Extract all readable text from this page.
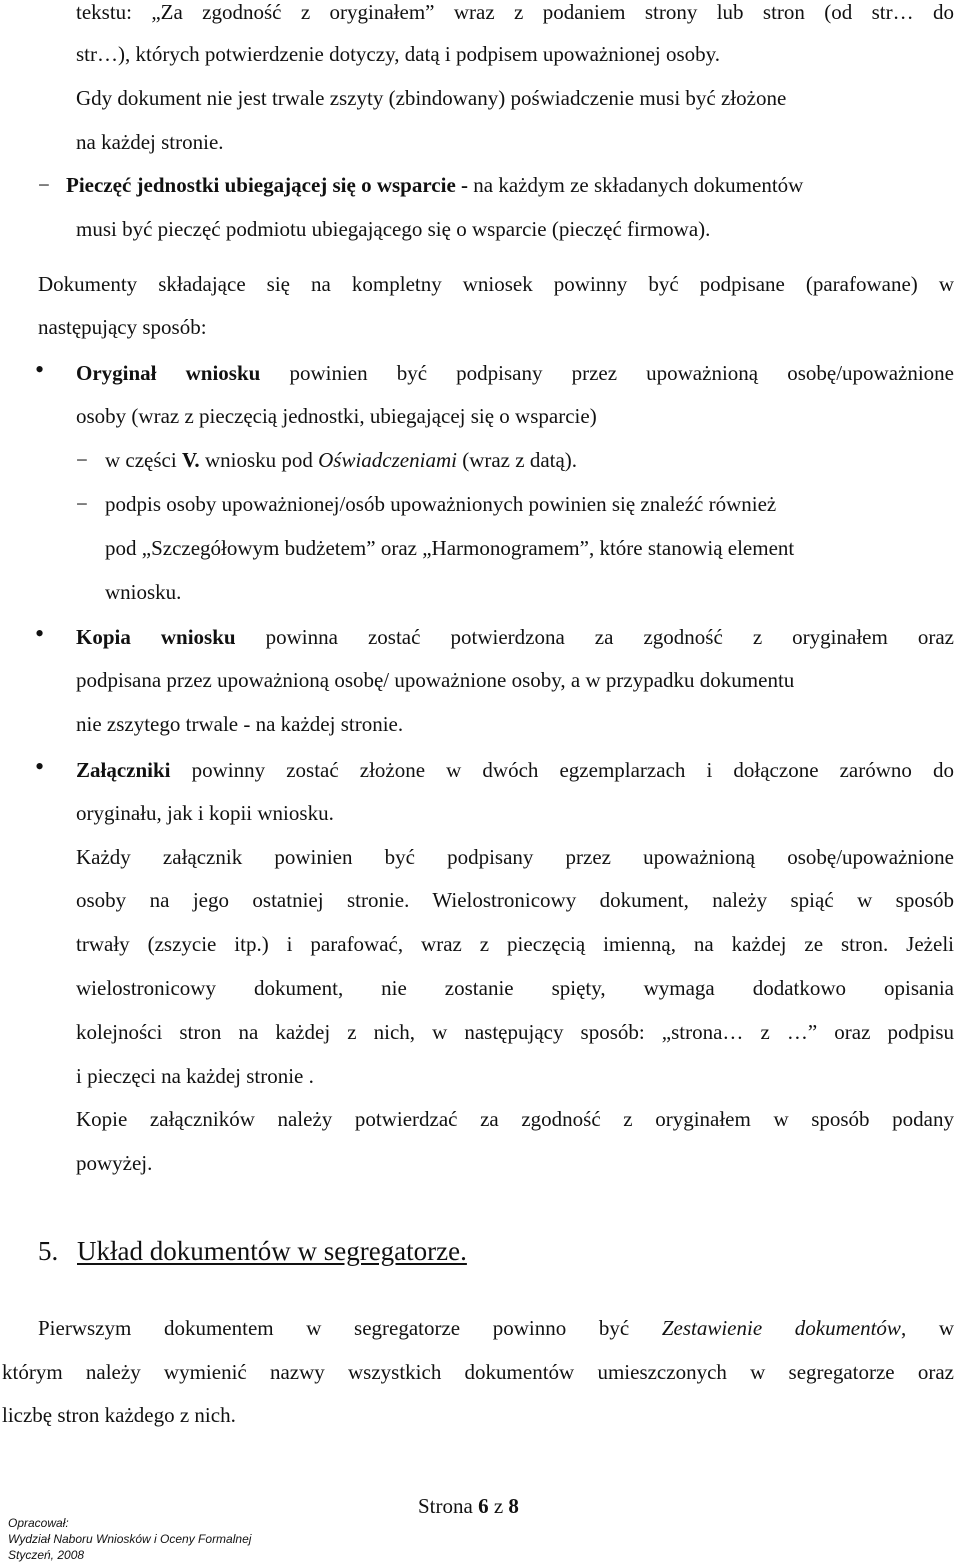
tekstu: „Za zgodność z oryginałem” wraz z podaniem strony lub stron (od str… do

str…), których potwierdzenie dotyczy, datą i podpisem upoważnionej osoby.

Gdy dokument nie jest trwale zszyty (zbindowany) poświadczenie musi być złożone

na każdej stronie.

− Pieczęć jednostki ubiegającej się o wsparcie - na każdym ze składanych dokumentów

musi być pieczęć podmiotu ubiegającego się o wsparcie (pieczęć firmowa).

Dokumenty składające się na kompletny wniosek powinny być podpisane (parafowane) w

następujący sposób:

• Oryginał wniosku powinien być podpisany przez upoważnioną osobę/upoważnione

osoby (wraz z pieczęcią jednostki, ubiegającej się o wsparcie)

− w części V. wniosku pod Oświadczeniami (wraz z datą).

− podpis osoby upoważnionej/osób upoważnionych powinien się znaleźć również

pod „Szczegółowym budżetem” oraz „Harmonogramem”, które stanowią element

wniosku.

• Kopia wniosku powinna zostać potwierdzona za zgodność z oryginałem oraz

podpisana przez upoważnioną osobę/ upoważnione osoby, a w przypadku dokumentu

nie zszytego trwale - na każdej stronie.

• Załączniki powinny zostać złożone w dwóch egzemplarzach i dołączone zarówno do

oryginału, jak i kopii wniosku.

Każdy załącznik powinien być podpisany przez upoważnioną osobę/upoważnione

osoby na jego ostatniej stronie. Wielostronicowy dokument, należy spiąć w sposób

trwały (zszycie itp.) i parafować, wraz z pieczęcią imienną, na każdej ze stron. Jeżeli

wielostronicowy dokument, nie zostanie spięty, wymaga dodatkowo opisania

kolejności stron na każdej z nich, w następujący sposób: „strona… z …” oraz podpisu

i pieczęci na każdej stronie .

Kopie załączników należy potwierdzać za zgodność z oryginałem w sposób podany

powyżej.

5. Układ dokumentów w segregatorze.

Pierwszym dokumentem w segregatorze powinno być Zestawienie dokumentów, w

którym należy wymienić nazwy wszystkich dokumentów umieszczonych w segregatorze oraz

liczbę stron każdego z nich.

Strona 6 z 8
Opracował:
Wydział Naboru Wniosków i Oceny Formalnej
Styczeń, 2008
